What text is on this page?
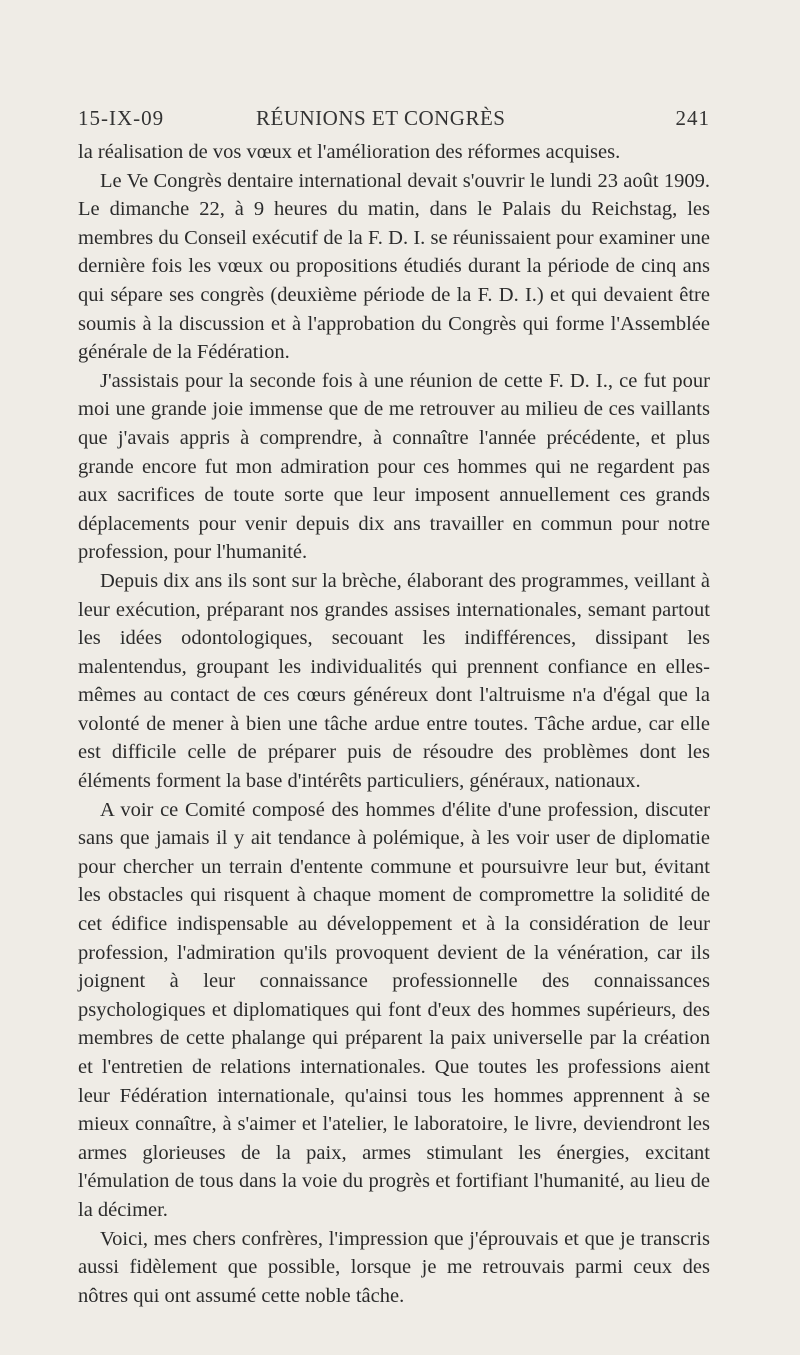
15-IX-09	RÉUNIONS ET CONGRÈS	241

la réalisation de vos vœux et l'amélioration des réformes acquises.

Le Ve Congrès dentaire international devait s'ouvrir le lundi 23 août 1909. Le dimanche 22, à 9 heures du matin, dans le Palais du Reichstag, les membres du Conseil exécutif de la F. D. I. se réunissaient pour examiner une dernière fois les vœux ou propositions étudiés durant la période de cinq ans qui sépare ses congrès (deuxième période de la F. D. I.) et qui devaient être soumis à la discussion et à l'approbation du Congrès qui forme l'Assemblée générale de la Fédération.

J'assistais pour la seconde fois à une réunion de cette F. D. I., ce fut pour moi une grande joie immense que de me retrouver au milieu de ces vaillants que j'avais appris à comprendre, à connaître l'année précédente, et plus grande encore fut mon admiration pour ces hommes qui ne regardent pas aux sacrifices de toute sorte que leur imposent annuellement ces grands déplacements pour venir depuis dix ans travailler en commun pour notre profession, pour l'humanité.

Depuis dix ans ils sont sur la brèche, élaborant des programmes, veillant à leur exécution, préparant nos grandes assises internationales, semant partout les idées odontologiques, secouant les indifférences, dissipant les malentendus, groupant les individualités qui prennent confiance en elles-mêmes au contact de ces cœurs généreux dont l'altruisme n'a d'égal que la volonté de mener à bien une tâche ardue entre toutes. Tâche ardue, car elle est difficile celle de préparer puis de résoudre des problèmes dont les éléments forment la base d'intérêts particuliers, généraux, nationaux.

A voir ce Comité composé des hommes d'élite d'une profession, discuter sans que jamais il y ait tendance à polémique, à les voir user de diplomatie pour chercher un terrain d'entente commune et poursuivre leur but, évitant les obstacles qui risquent à chaque moment de compromettre la solidité de cet édifice indispensable au développement et à la considération de leur profession, l'admiration qu'ils provoquent devient de la vénération, car ils joignent à leur connaissance professionnelle des connaissances psychologiques et diplomatiques qui font d'eux des hommes supérieurs, des membres de cette phalange qui préparent la paix universelle par la création et l'entretien de relations internationales. Que toutes les professions aient leur Fédération internationale, qu'ainsi tous les hommes apprennent à se mieux connaître, à s'aimer et l'atelier, le laboratoire, le livre, deviendront les armes glorieuses de la paix, armes stimulant les énergies, excitant l'émulation de tous dans la voie du progrès et fortifiant l'humanité, au lieu de la décimer.

Voici, mes chers confrères, l'impression que j'éprouvais et que je transcris aussi fidèlement que possible, lorsque je me retrouvais parmi ceux des nôtres qui ont assumé cette noble tâche.
